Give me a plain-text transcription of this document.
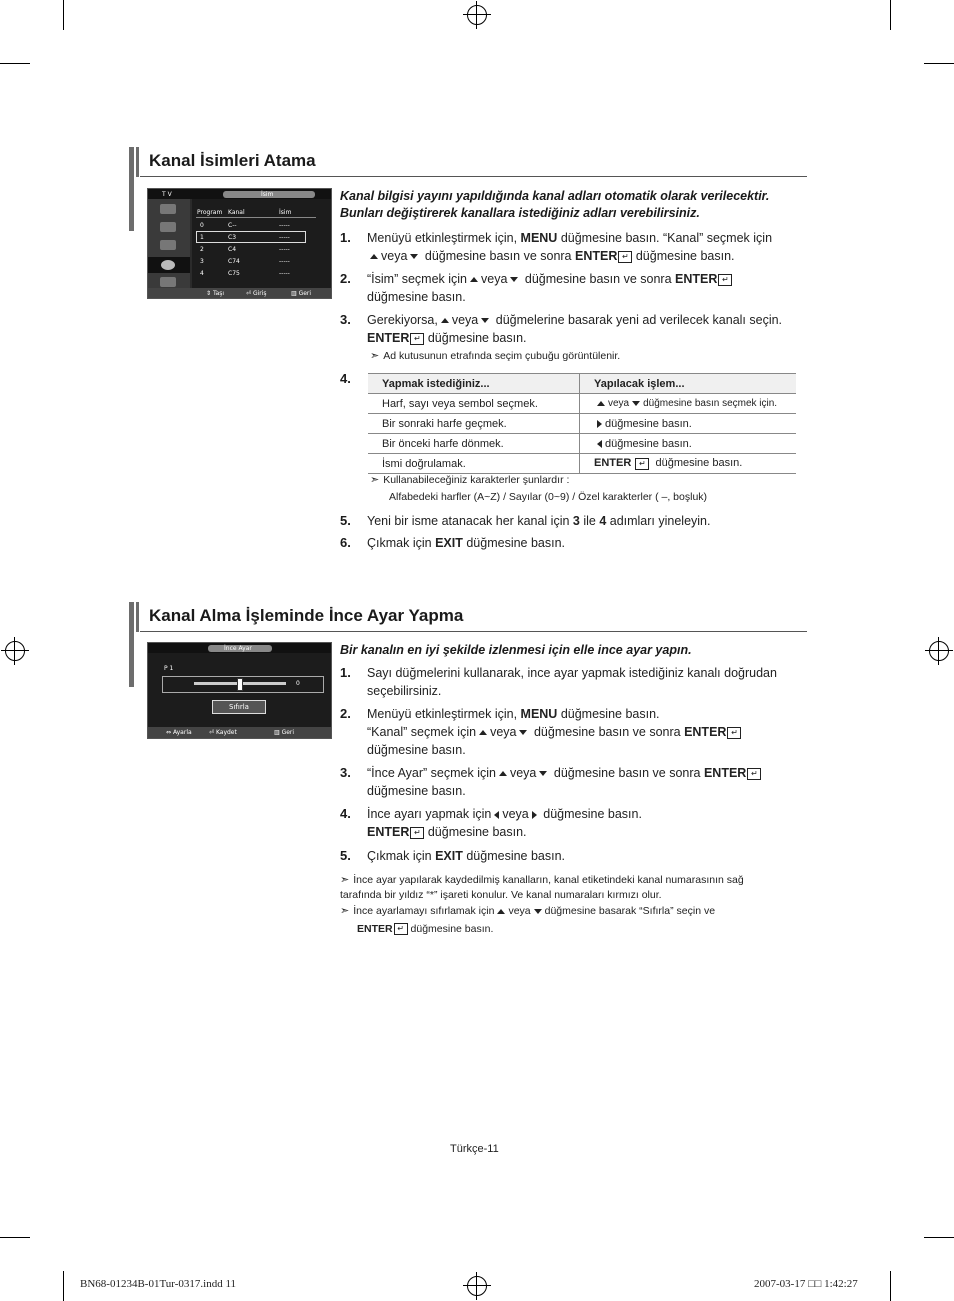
Kanal İsimleri Atama
T V	İsim
Program Kanal	İsim
⇕ Taşı	⏎ Giriş	▥ Geri
0	C--	-----
1	C3	-----
2	C4	-----
3	C74	-----
4	C75	-----
Kanal bilgisi yayını yapıldığında kanal adları otomatik olarak verilecektir. Bunları değiştirerek kanallara istediğiniz adları verebilirsiniz.
1. Menüyü etkinleştirmek için, MENU düğmesine basın. “Kanal” seçmek için
veya düğmesine basın ve sonra ENTER ↵ düğmesine basın.
2. “İsim” seçmek için veya düğmesine basın ve sonra ENTER ↵
düğmesine basın.
3. Gerekiyorsa, veya düğmelerine basarak yeni ad verilecek kanalı seçin.
ENTER ↵ düğmesine basın.
➣ Ad kutusunun etrafında seçim çubuğu görüntülenir.
4.	Yapmak istediğiniz...	Yapılacak işlem...
Harf, sayı veya sembol seçmek.	veya düğmesine basın seçmek için.
Bir sonraki harfe geçmek.	düğmesine basın.
Bir önceki harfe dönmek.	düğmesine basın.
İsmi doğrulamak.	ENTER ↵ düğmesine basın.
➣ Kullanabileceğiniz karakterler şunlardır :
Alfabedeki harfler (A~Z) / Sayılar (0~9) / Özel karakterler ( –, boşluk)
5. Yeni bir isme atanacak her kanal için 3 ile 4 adımları yineleyin.
6. Çıkmak için EXIT düğmesine basın.
Kanal Alma İşleminde İnce Ayar Yapma
İnce Ayar
P 1
0
Sıfırla
⇔ Ayarla	⏎ Kaydet	▥ Geri
Bir kanalın en iyi şekilde izlenmesi için elle ince ayar yapın.
1. Sayı düğmelerini kullanarak, ince ayar yapmak istediğiniz kanalı doğrudan seçebilirsiniz.
2. Menüyü etkinleştirmek için, MENU düğmesine basın.
“Kanal” seçmek için veya düğmesine basın ve sonra ENTER ↵
düğmesine basın.
3. “İnce Ayar” seçmek için veya düğmesine basın ve sonra ENTER ↵
düğmesine basın.
4. İnce ayarı yapmak için veya düğmesine basın.
ENTER ↵ düğmesine basın.
5. Çıkmak için EXIT düğmesine basın.
➣ İnce ayar yapılarak kaydedilmiş kanalların, kanal etiketindeki kanal numarasının sağ tarafında bir yıldız “*” işareti konulur. Ve kanal numaraları kırmızı olur.
➣ İnce ayarlamayı sıfırlamak için veya düğmesine basarak “Sıfırla” seçin ve
ENTER ↵ düğmesine basın.
Türkçe-11
BN68-01234B-01Tur-0317.indd 11	2007-03-17 □□ 1:42:27
